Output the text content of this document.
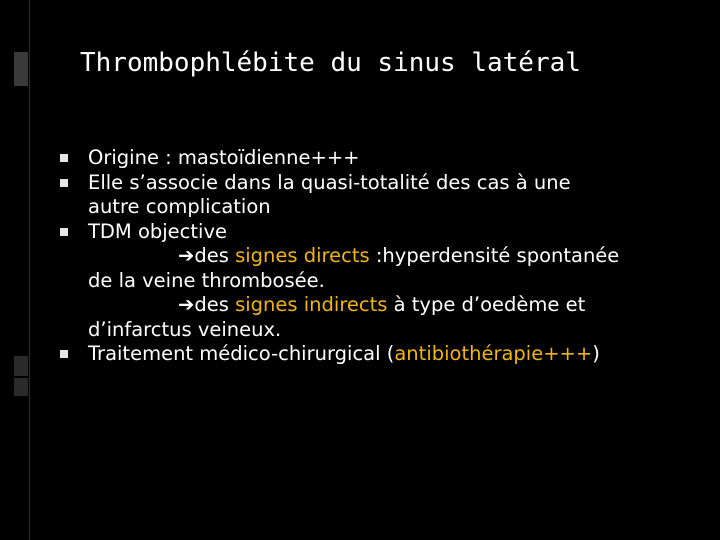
Thrombophlébite du sinus latéral
Origine : mastoïdienne+++
Elle s’associe dans la quasi-totalité des cas à une
autre complication
TDM objective
➔des signes directs :hyperdensité spontanée
de la veine thrombosée.
➔des signes indirects à type d’oedème et
d’infarctus veineux.
Traitement médico-chirurgical (antibiothérapie+++)
